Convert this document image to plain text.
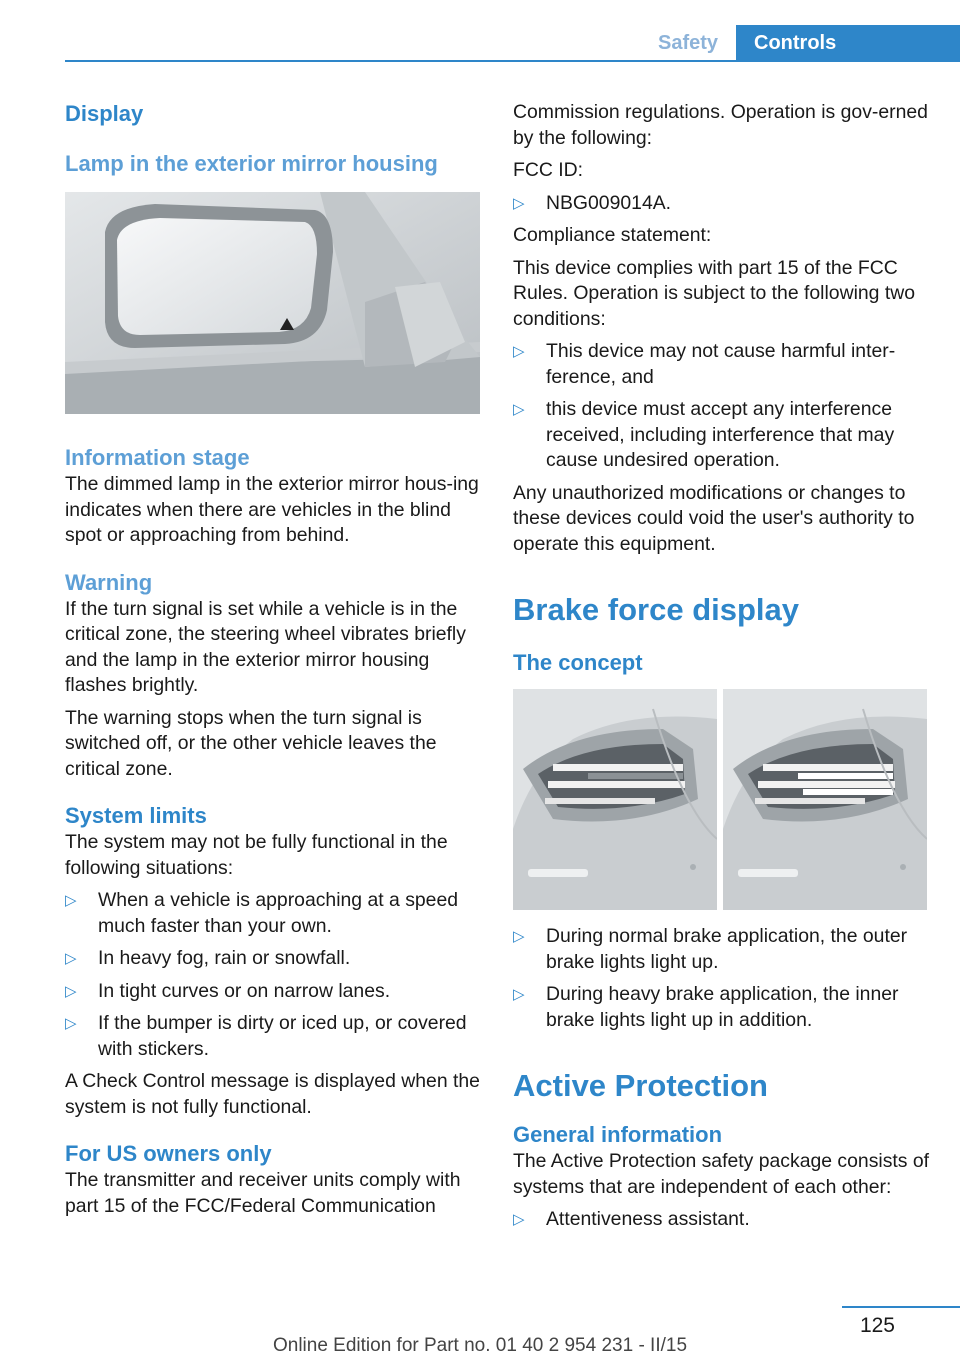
Safety	Controls
Display
Lamp in the exterior mirror housing
Information stage

The dimmed lamp in the exterior mirror hous‐ing indicates when there are vehicles in the blind spot or approaching from behind.

Warning

If the turn signal is set while a vehicle is in the critical zone, the steering wheel vibrates briefly and the lamp in the exterior mirror housing flashes brightly.

The warning stops when the turn signal is switched off, or the other vehicle leaves the critical zone.

System limits

The system may not be fully functional in the following situations:

▷ When a vehicle is approaching at a speed much faster than your own.
▷ In heavy fog, rain or snowfall.
▷ In tight curves or on narrow lanes.
▷ If the bumper is dirty or iced up, or covered with stickers.

A Check Control message is displayed when the system is not fully functional.

For US owners only

The transmitter and receiver units comply with part 15 of the FCC/Federal Communication

Commission regulations. Operation is gov‐erned by the following:

FCC ID:

▷ NBG009014A.

Compliance statement:

This device complies with part 15 of the FCC Rules. Operation is subject to the following two conditions:

▷ This device may not cause harmful inter‐ference, and
▷ this device must accept any interference received, including interference that may cause undesired operation.

Any unauthorized modifications or changes to these devices could void the user's authority to operate this equipment.

Brake force display
The concept
▷ During normal brake application, the outer brake lights light up.
▷ During heavy brake application, the inner brake lights light up in addition.
Active Protection
General information

The Active Protection safety package consists of systems that are independent of each other:

▷ Attentiveness assistant.
125
Online Edition for Part no. 01 40 2 954 231 - II/15
